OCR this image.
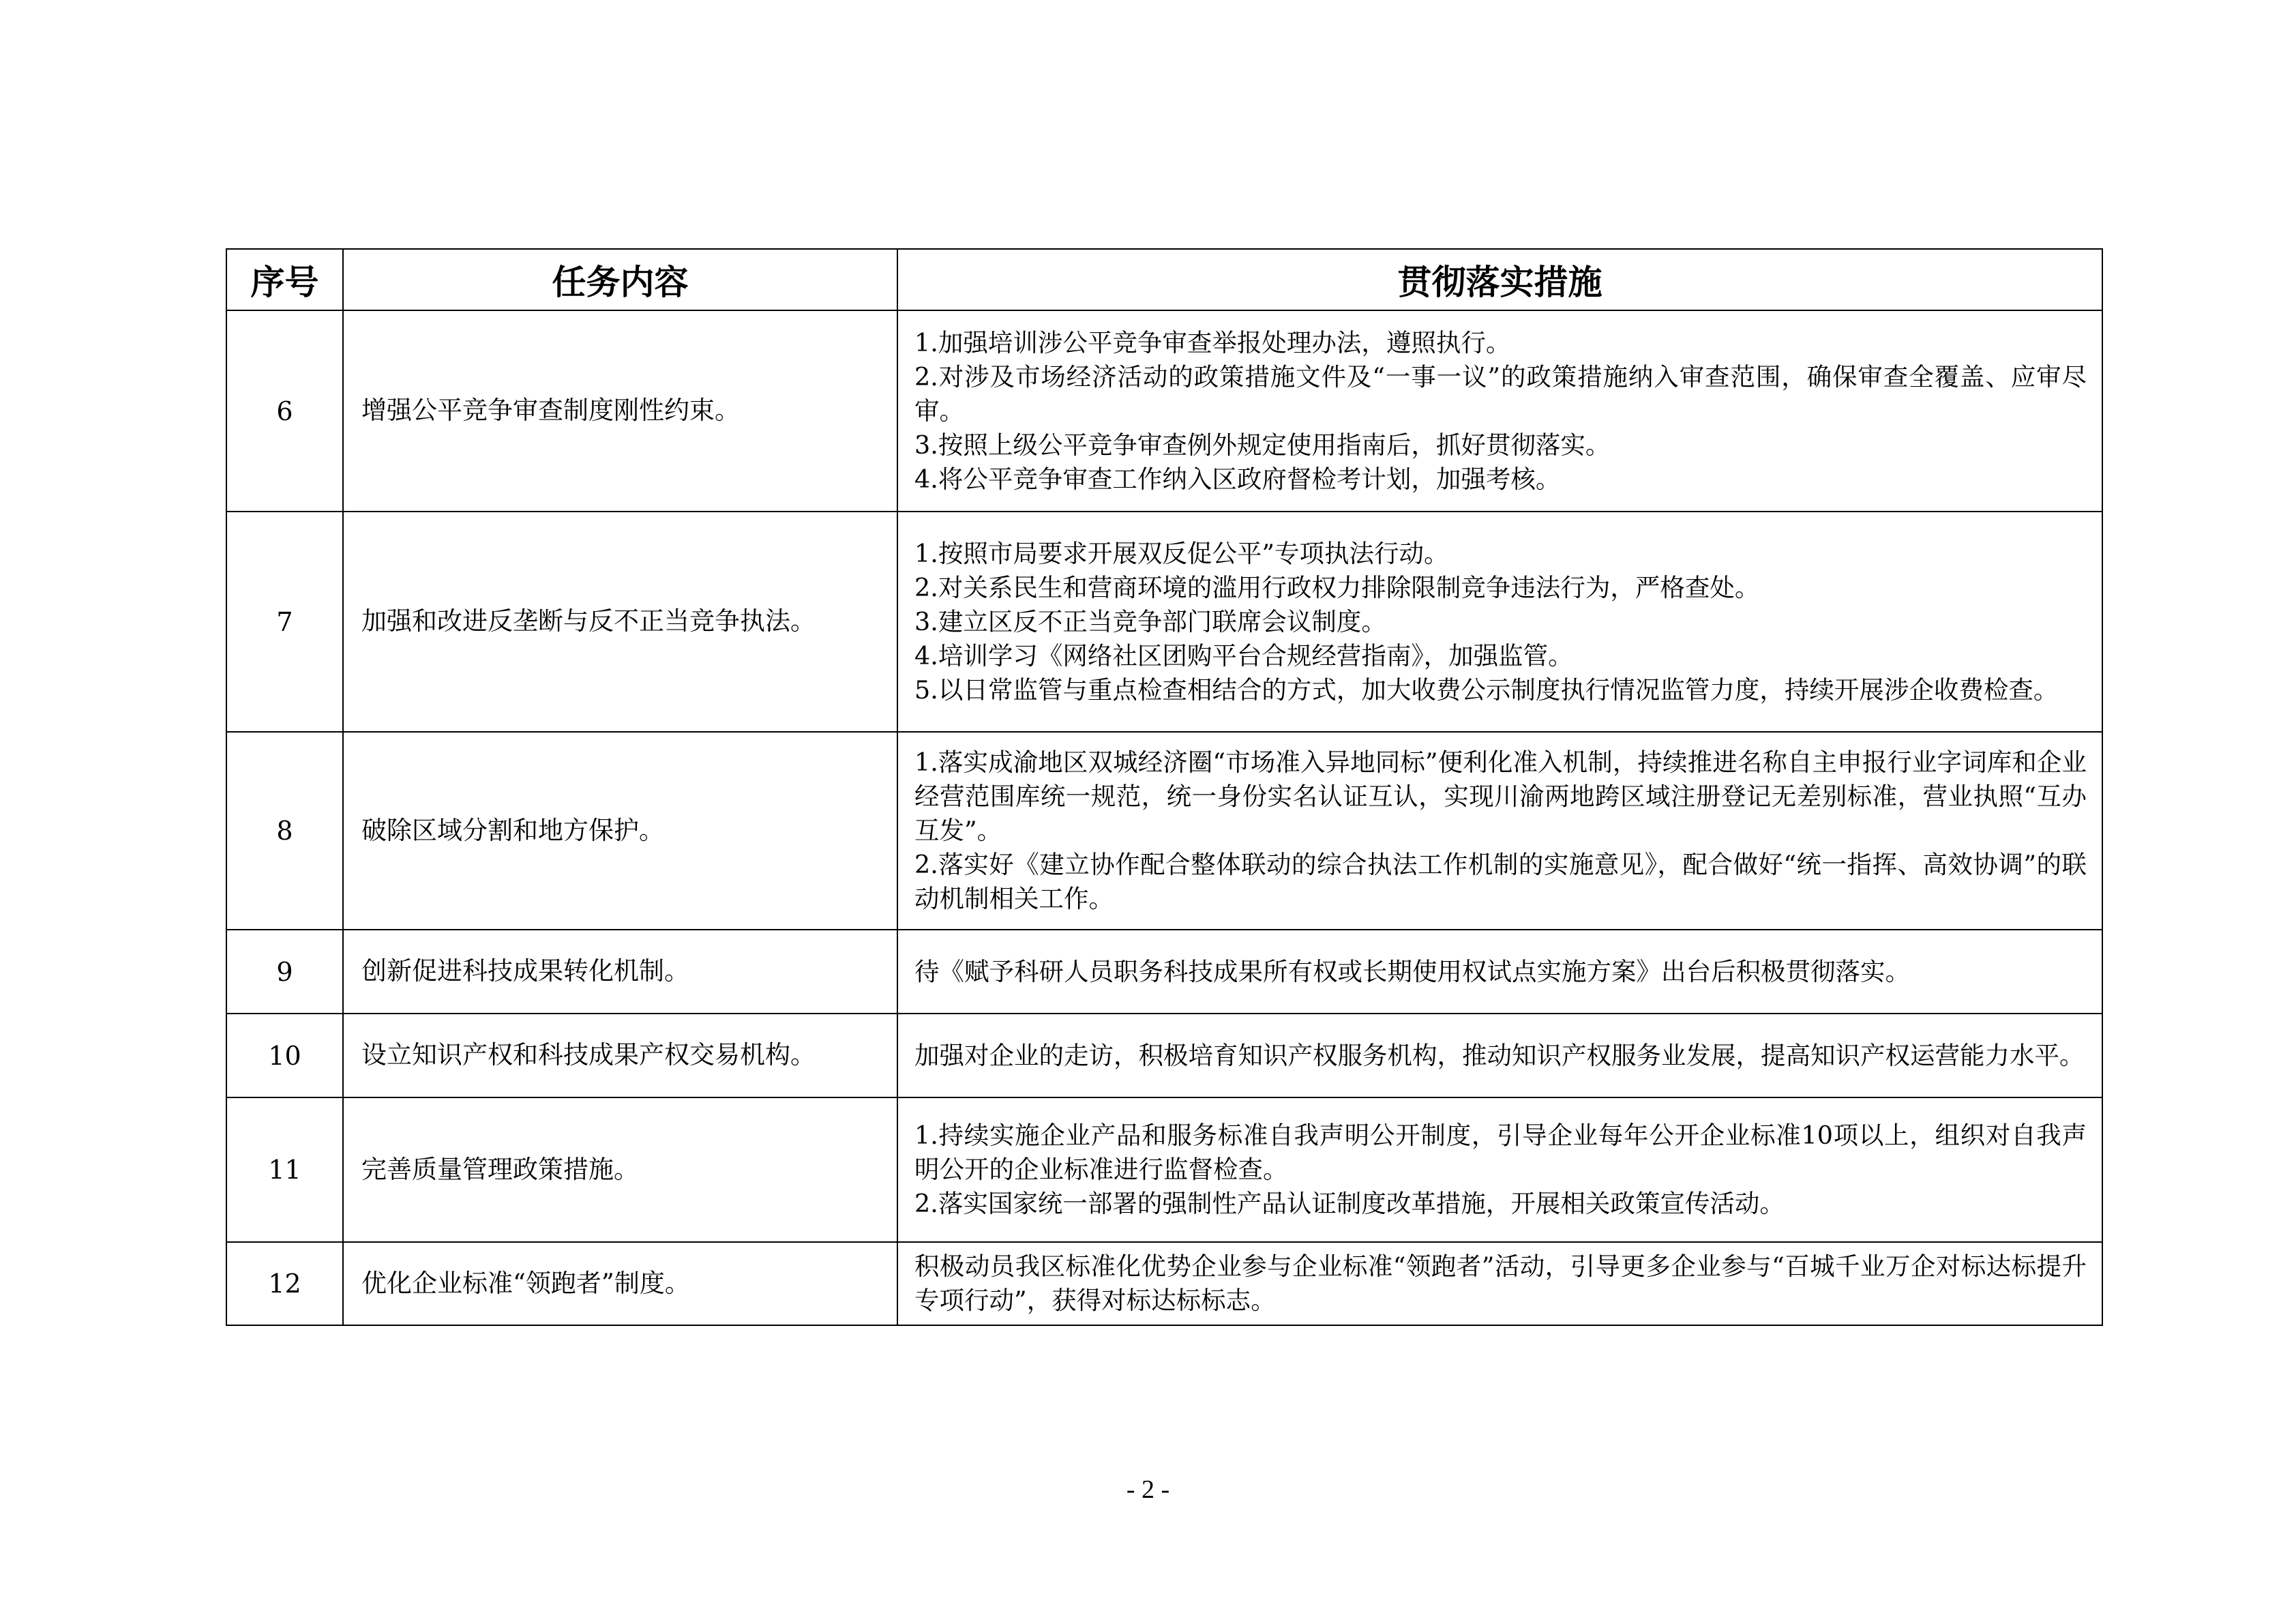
序号	任务内容	贯彻落实措施
6	增强公平竞争审查制度刚性约束。	1.加强培训涉公平竞争审查举报处理办法，遵照执行。
2.对涉及市场经济活动的政策措施文件及“一事一议”的政策措施纳入审查范围，确保审查全覆盖、应审尽审。
3.按照上级公平竞争审查例外规定使用指南后，抓好贯彻落实。
4.将公平竞争审查工作纳入区政府督检考计划，加强考核。

7	加强和改进反垄断与反不正当竞争执法。	1.按照市局要求开展双反促公平”专项执法行动。
2.对关系民生和营商环境的滥用行政权力排除限制竞争违法行为，严格查处。
3.建立区反不正当竞争部门联席会议制度。
4.培训学习《网络社区团购平台合规经营指南》，加强监管。
5.以日常监管与重点检查相结合的方式，加大收费公示制度执行情况监管力度，持续开展涉企收费检查。

8	破除区域分割和地方保护。	1.落实成渝地区双城经济圈“市场准入异地同标”便利化准入机制，持续推进名称自主申报行业字词库和企业经营范围库统一规范，统一身份实名认证互认，实现川渝两地跨区域注册登记无差别标准，营业执照“互办互发”。
2.落实好《建立协作配合整体联动的综合执法工作机制的实施意见》，配合做好“统一指挥、高效协调”的联动机制相关工作。

9	创新促进科技成果转化机制。	待《赋予科研人员职务科技成果所有权或长期使用权试点实施方案》出台后积极贯彻落实。

10	设立知识产权和科技成果产权交易机构。	加强对企业的走访，积极培育知识产权服务机构，推动知识产权服务业发展，提高知识产权运营能力水平。

11	完善质量管理政策措施。	1.持续实施企业产品和服务标准自我声明公开制度，引导企业每年公开企业标准10项以上，组织对自我声明公开的企业标准进行监督检查。
2.落实国家统一部署的强制性产品认证制度改革措施，开展相关政策宣传活动。

12	优化企业标准“领跑者”制度。	积极动员我区标准化优势企业参与企业标准“领跑者”活动，引导更多企业参与“百城千业万企对标达标提升专项行动”，获得对标达标标志。
- 2 -
